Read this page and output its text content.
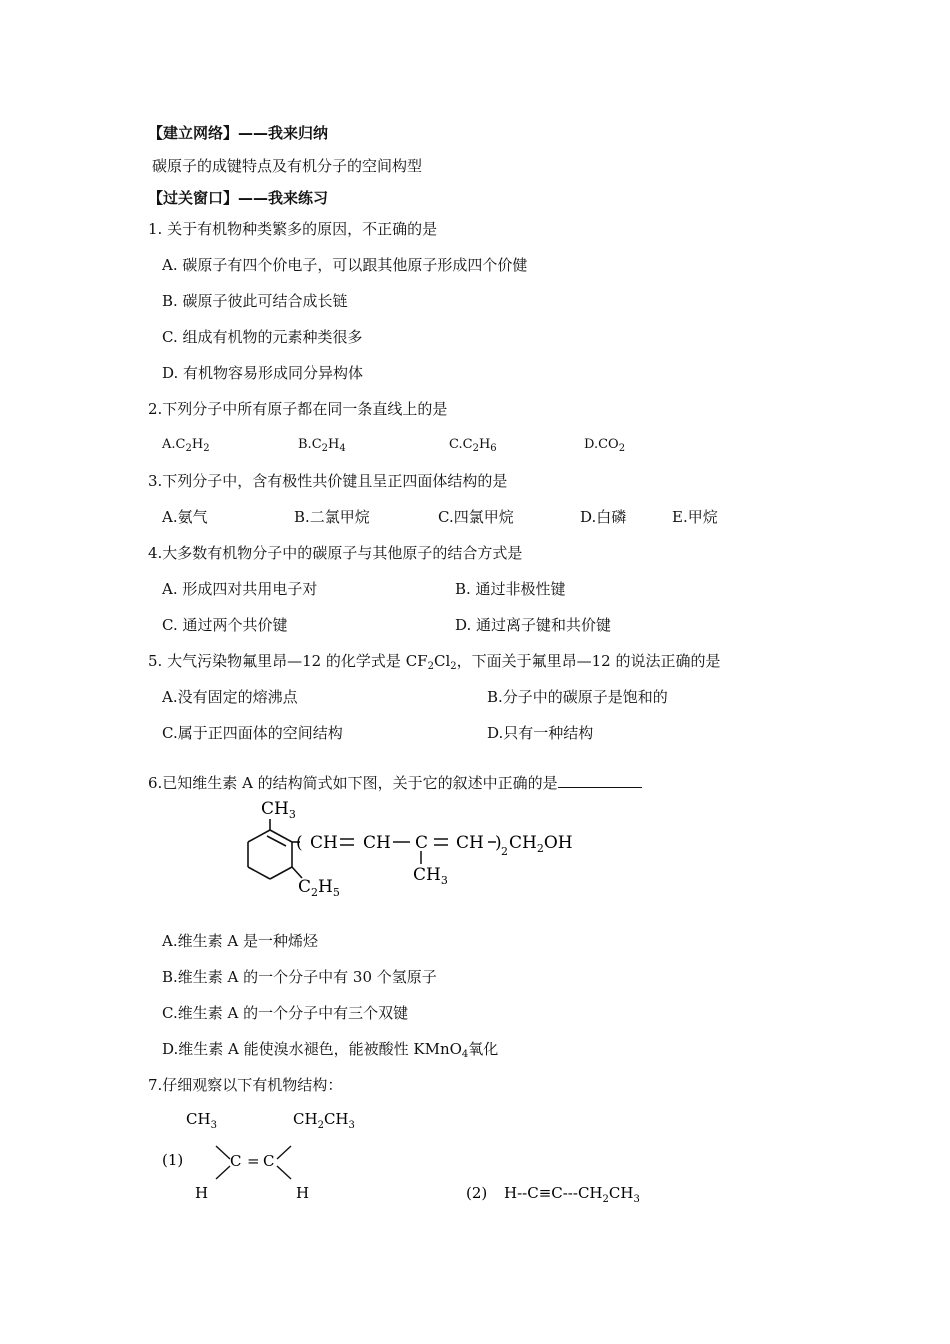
【建立网络】——我来归纳
碳原子的成键特点及有机分子的空间构型
【过关窗口】——我来练习
1. 关于有机物种类繁多的原因，不正确的是
A. 碳原子有四个价电子，可以跟其他原子形成四个价健
B. 碳原子彼此可结合成长链
C. 组成有机物的元素种类很多
D. 有机物容易形成同分异构体
2.下列分子中所有原子都在同一条直线上的是
$A.C_2H_2$	$B.C_2H_4$	$C.C_2H_6$	$D.CO_2$
3.下列分子中，含有极性共价键且呈正四面体结构的是
A.氨气	B.二氯甲烷	C.四氯甲烷	D.白磷	E.甲烷
4.大多数有机物分子中的碳原子与其他原子的结合方式是
A. 形成四对共用电子对	B. 通过非极性键
C. 通过两个共价键	D. 通过离子键和共价键
5. 大气污染物氟里昂—12 的化学式是 $CF_2Cl_2$，下面关于氟里昂—12 的说法正确的是
A.没有固定的熔沸点	B.分子中的碳原子是饱和的
C.属于正四面体的空间结构	D.只有一种结构
6.已知维生素 A 的结构简式如下图，关于它的叙述中正确的是
$CH_3$
( CH CH C CH ) 2 $CH_2OH$
$CH_3$
$C_2H_5$
A.维生素 A 是一种烯烃
B.维生素 A 的一个分子中有 30 个氢原子
C.维生素 A 的一个分子中有三个双键
D.维生素 A 能使溴水褪色，能被酸性 KMnO$_4$氧化
7.仔细观察以下有机物结构：
$CH_3$	$CH_2CH_3$
(1)	C = C
H	H	(2) $H--C\equiv C---CH_2CH_3$
